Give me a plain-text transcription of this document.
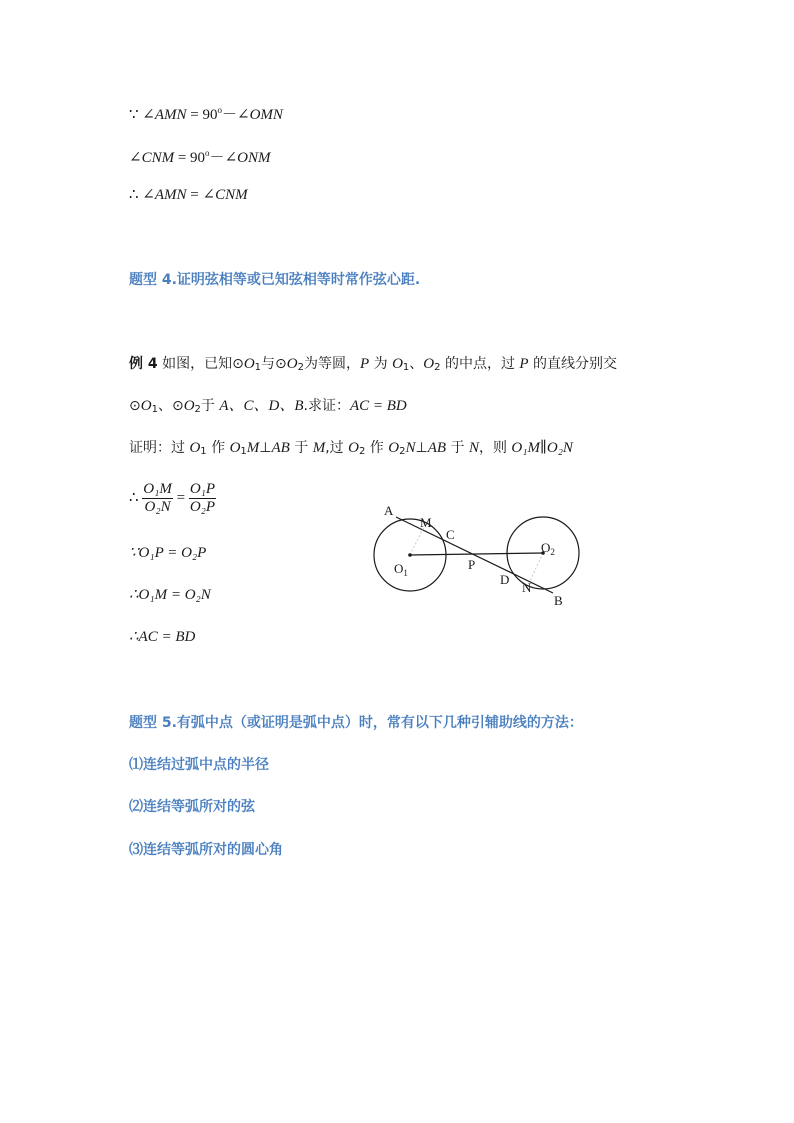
∵ ∠AMN = $90^o-\angle OMN$
∠CNM = $90^o-\angle ONM$
∴ ∠AMN = ∠CNM
题型 4.证明弦相等或已知弦相等时常作弦心距.
例 4 如图，已知$⊙O_1$与$⊙O_2$为等圆，P 为 $O_1$、$O_2$ 的中点，过 P 的直线分别交
$⊙O_1$、$⊙O_2$于 A、C、D、B.求证：AC = BD
证明：过 $O_1$ 作 $O_1M\perp AB$ 于 M,过 $O_2$ 作 $O_2N\perp AB$ 于 N，则 O₁M∥O₂N
∴ $\frac{\text{O₁M}}{\text{O₂N}} = \frac{\text{O₁P}}{\text{O₂P}}$
∵O₁P = O₂P
∴O₁M = O₂N
∴AC = BD
A
M
C
$O_1$
P
$O_2$
D
N
B
题型 5.有弧中点（或证明是弧中点）时，常有以下几种引辅助线的方法：
⑴连结过弧中点的半径
⑵连结等弧所对的弦
⑶连结等弧所对的圆心角
